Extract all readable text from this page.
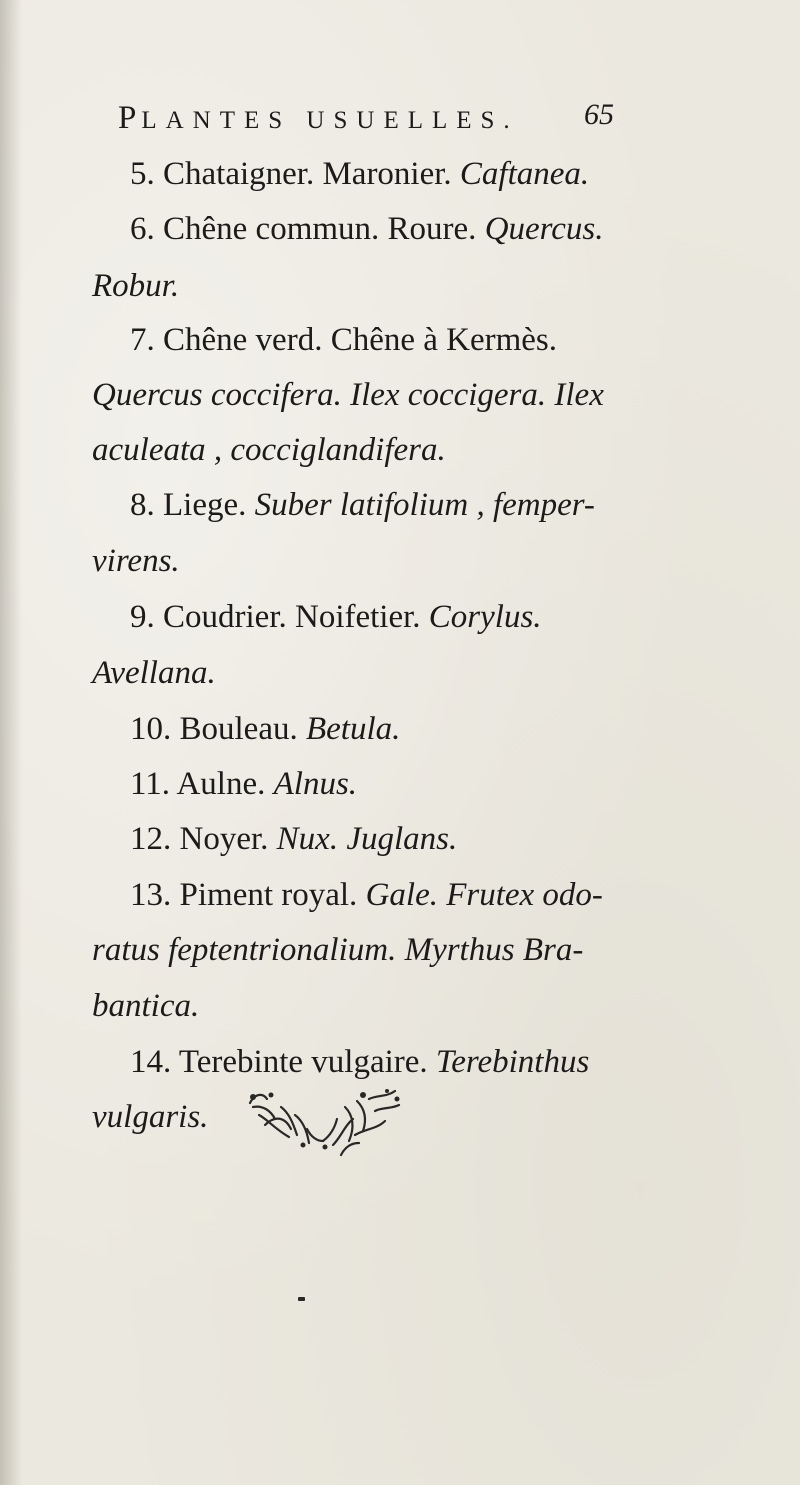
PLANTES USUELLES. 65
5. Chataigner. Maronier. Caftanea.
6. Chêne commun. Roure. Quercus.
Robur.
7. Chêne verd. Chêne à Kermès.
Quercus coccifera. Ilex coccigera. Ilex
aculeata , cocciglandifera.
8. Liege. Suber latifolium , femper-
virens.
9. Coudrier. Noifetier. Corylus.
Avellana.
10. Bouleau. Betula.
11. Aulne. Alnus.
12. Noyer. Nux. Juglans.
13. Piment royal. Gale. Frutex odo-
ratus feptentrionalium. Myrthus Bra-
bantica.
14. Terebinte vulgaire. Terebinthus
vulgaris.
